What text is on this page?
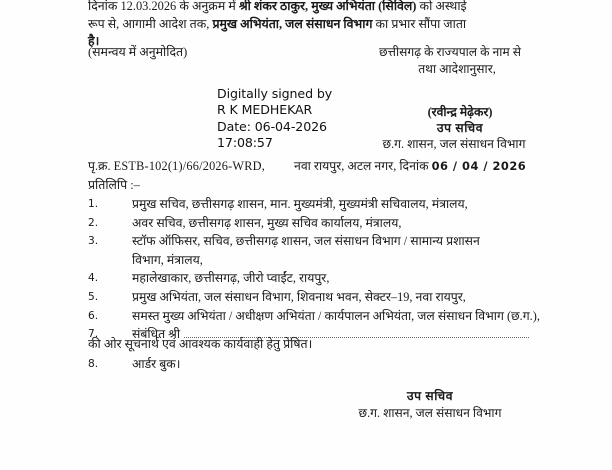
दिनांक 12.03.2026 के अनुक्रम में श्री शंकर ठाकुर, मुख्य अभियंता (सिविल) को अस्थाई

रूप से, आगामी आदेश तक, प्रमुख अभियंता, जल संसाधन विभाग का प्रभार सौंपा जाता

है।

(समन्वय में अनुमोदित)	छत्तीसगढ़ के राज्यपाल के नाम से
तथा आदेशानुसार,
Digitally signed by
R K MEDHEKAR
Date: 06-04-2026
17:08:57
(रवीन्द्र मेढ़ेकर)
उप सचिव
छ.ग. शासन, जल संसाधन विभाग
पृ.क्र. ESTB-102(1)/66/2026-WRD, नवा रायपुर, अटल नगर, दिनांक 06 / 04 / 2026
प्रतिलिपि :–
1.	प्रमुख सचिव, छत्तीसगढ़ शासन, मान. मुख्यमंत्री, मुख्यमंत्री सचिवालय, मंत्रालय,
2.	अवर सचिव, छत्तीसगढ़ शासन, मुख्य सचिव कार्यालय, मंत्रालय,
3.	स्टॉफ ऑफिसर, सचिव, छत्तीसगढ़ शासन, जल संसाधन विभाग / सामान्य प्रशासन
विभाग, मंत्रालय,
4.	महालेखाकार, छत्तीसगढ़, जीरो प्वाईंट, रायपुर,
5.	प्रमुख अभियंता, जल संसाधन विभाग, शिवनाथ भवन, सेक्टर–19, नवा रायपुर,
6.	समस्त मुख्य अभियंता / अधीक्षण अभियंता / कार्यपालन अभियंता, जल संसाधन विभाग (छ.ग.),
7.	संबंधित श्री
की ओर सूचनार्थ एवं आवश्यक कार्यवाही हेतु प्रेषित।
8.	आर्डर बुक।
उप सचिव
छ.ग. शासन, जल संसाधन विभाग
